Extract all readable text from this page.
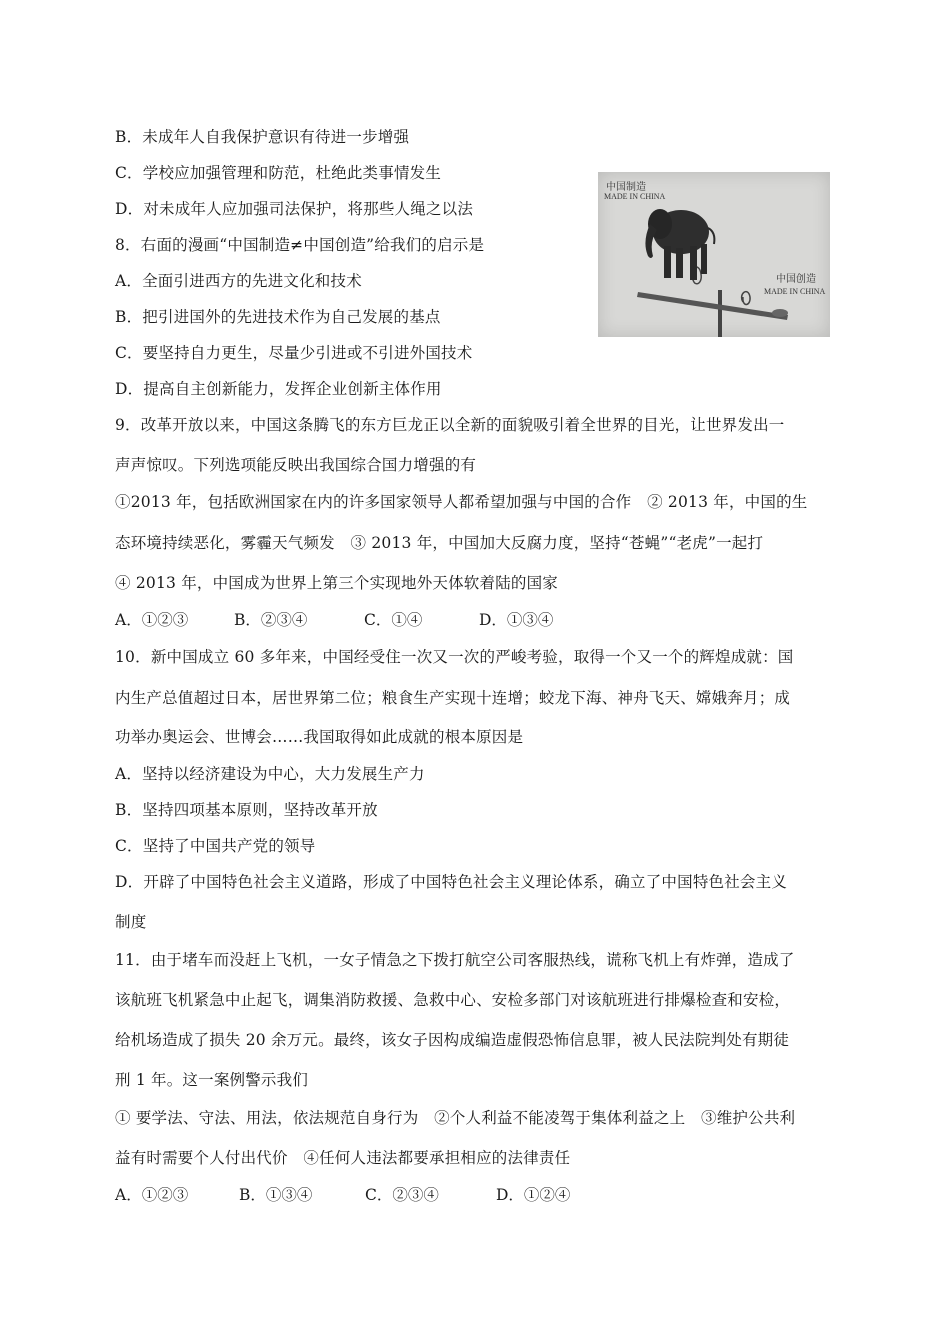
B．未成年人自我保护意识有待进一步增强
C．学校应加强管理和防范，杜绝此类事情发生
D．对未成年人应加强司法保护，将那些人绳之以法
8．右面的漫画“中国制造≠中国创造”给我们的启示是
A．全面引进西方的先进文化和技术
B．把引进国外的先进技术作为自己发展的基点
C．要坚持自力更生，尽量少引进或不引进外国技术
D．提高自主创新能力，发挥企业创新主体作用
中国制造
MADE IN CHINA
中国创造
MADE IN CHINA
9．改革开放以来，中国这条腾飞的东方巨龙正以全新的面貌吸引着全世界的目光，让世界发出一
声声惊叹。下列选项能反映出我国综合国力增强的有
①2013 年，包括欧洲国家在内的许多国家领导人都希望加强与中国的合作　② 2013 年，中国的生
态环境持续恶化，雾霾天气频发　③ 2013 年，中国加大反腐力度，坚持“苍蝇”“老虎”一起打
④ 2013 年，中国成为世界上第三个实现地外天体软着陆的国家
A．①②③	B．②③④	C．①④	D．①③④
10．新中国成立 60 多年来，中国经受住一次又一次的严峻考验，取得一个又一个的辉煌成就：国
内生产总值超过日本，居世界第二位；粮食生产实现十连增；蛟龙下海、神舟飞天、嫦娥奔月；成
功举办奥运会、世博会……我国取得如此成就的根本原因是
A．坚持以经济建设为中心，大力发展生产力
B．坚持四项基本原则，坚持改革开放
C．坚持了中国共产党的领导
D．开辟了中国特色社会主义道路，形成了中国特色社会主义理论体系，确立了中国特色社会主义
制度
11．由于堵车而没赶上飞机，一女子情急之下拨打航空公司客服热线，谎称飞机上有炸弹，造成了
该航班飞机紧急中止起飞，调集消防救援、急救中心、安检多部门对该航班进行排爆检查和安检，
给机场造成了损失 20 余万元。最终，该女子因构成编造虚假恐怖信息罪，被人民法院判处有期徒
刑 1 年。这一案例警示我们
① 要学法、守法、用法，依法规范自身行为　②个人利益不能凌驾于集体利益之上　③维护公共利
益有时需要个人付出代价　④任何人违法都要承担相应的法律责任
A．①②③	B．①③④	C．②③④	D．①②④
